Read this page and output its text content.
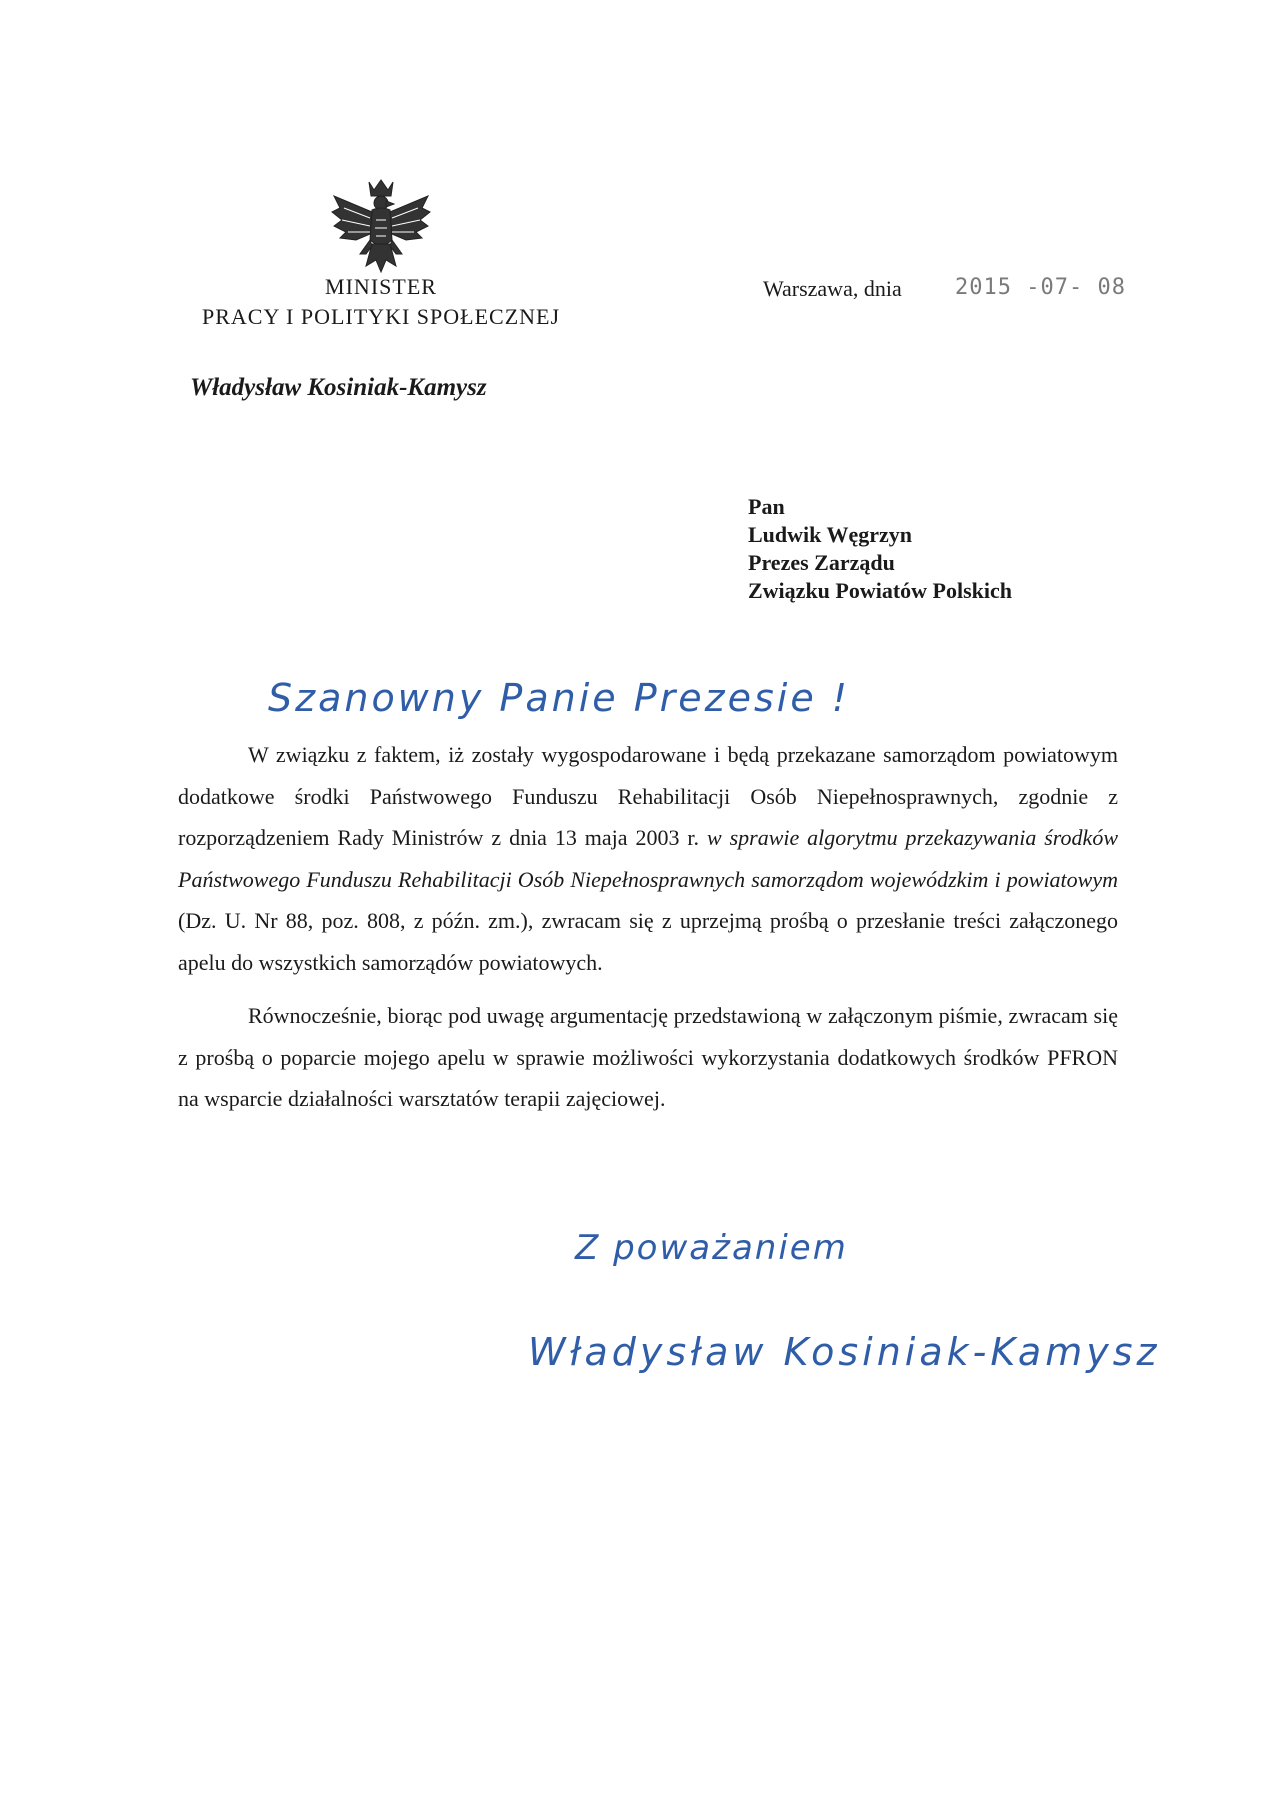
MINISTER
PRACY I POLITYKI SPOŁECZNEJ
Władysław Kosiniak-Kamysz
Warszawa, dnia 2015 -07- 08
Pan
Ludwik Węgrzyn
Prezes Zarządu
Związku Powiatów Polskich
Szanowny Panie Prezesie !

W związku z faktem, iż zostały wygospodarowane i będą przekazane samorządom powiatowym dodatkowe środki Państwowego Funduszu Rehabilitacji Osób Niepełnosprawnych, zgodnie z rozporządzeniem Rady Ministrów z dnia 13 maja 2003 r. w sprawie algorytmu przekazywania środków Państwowego Funduszu Rehabilitacji Osób Niepełnosprawnych samorządom wojewódzkim i powiatowym (Dz. U. Nr 88, poz. 808, z późn. zm.), zwracam się z uprzejmą prośbą o przesłanie treści załączonego apelu do wszystkich samorządów powiatowych.

Równocześnie, biorąc pod uwagę argumentację przedstawioną w załączonym piśmie, zwracam się z prośbą o poparcie mojego apelu w sprawie możliwości wykorzystania dodatkowych środków PFRON na wsparcie działalności warsztatów terapii zajęciowej.

Z poważaniem
Władysław Kosiniak-Kamysz
